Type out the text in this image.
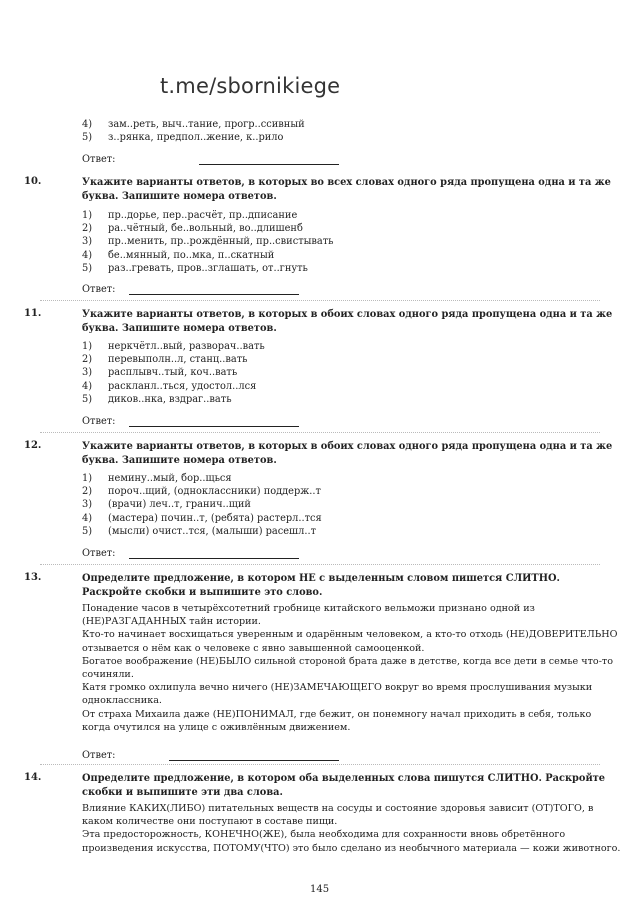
t.me/sbornikiege
4) зам..реть, выч..тание, прогр..ссивный
5) з..рянка, предпол..жение, к..рило
Ответ:
10.	Укажите варианты ответов, в которых во всех словах одного ряда пропущена одна и та же буква. Запишите номера ответов.
1) пр..дорье, пер..расчёт, пр..дписание
2) ра..чётный, бе..вольный, во..длишенб
3) пр..менить, пр..рождённый, пр..свистывать
4) бе..мянный, по..мка, п..скатный
5) раз..гревать, пров..зглашать, от..гнуть
Ответ:
11.	Укажите варианты ответов, в которых в обоих словах одного ряда пропущена одна и та же буква. Запишите номера ответов.
1) неркчётл..вый, разворач..вать
2) перевыполн..л, станц..вать
3) расплывч..тый, коч..вать
4) раскланл..ться, удостол..лся
5) диков..нка, вздраг..вать
Ответ:
12.	Укажите варианты ответов, в которых в обоих словах одного ряда пропущена одна и та же буква. Запишите номера ответов.
1) немину..мый, бор..щься
2) пороч..щий, (одноклассники) поддерж..т
3) (врачи) леч..т, гранич..щий
4) (мастера) почин..т, (ребята) растерл..тся
5) (мысли) очист..тся, (малыши) расешл..т
Ответ:
13.	Определите предложение, в котором НЕ с выделенным словом пишется СЛИТНО. Раскройте скобки и выпишите это слово.
Понадение часов в четырёхсотетний гробнице китайского вельможи признано одной из (НЕ)РАЗГАДАННЫХ тайн истории.
Кто-то начинает восхищаться уверенным и одарённым человеком, а кто-то отходь (НЕ)ДОВЕРИТЕЛЬНО отзывается о нём как о человеке с явно завышенной самооценкой.
Богатое воображение (НЕ)БЫЛО сильной стороной брата даже в детстве, когда все дети в семье что-то сочиняли.
Катя громко охлипула вечно ничего (НЕ)ЗАМЕЧАЮЩЕГО вокруг во время прослушивания музыки одноклассника.
От страха Михаила даже (НЕ)ПОНИМАЛ, где бежит, он понемногу начал приходить в себя, только когда очутился на улице с оживлённым движением.
Ответ:
14.	Определите предложение, в котором оба выделенных слова пишутся СЛИТНО. Раскройте скобки и выпишите эти два слова.
Влияние КАКИХ(ЛИБО) питательных веществ на сосуды и состояние здоровья зависит (ОТ)ТОГО, в каком количестве они поступают в составе пищи.
Эта предосторожность, КОНЕЧНО(ЖЕ), была необходима для сохранности вновь обретённого произведения искусства, ПОТОМУ(ЧТО) это было сделано из необычного материала — кожи животного.
145
